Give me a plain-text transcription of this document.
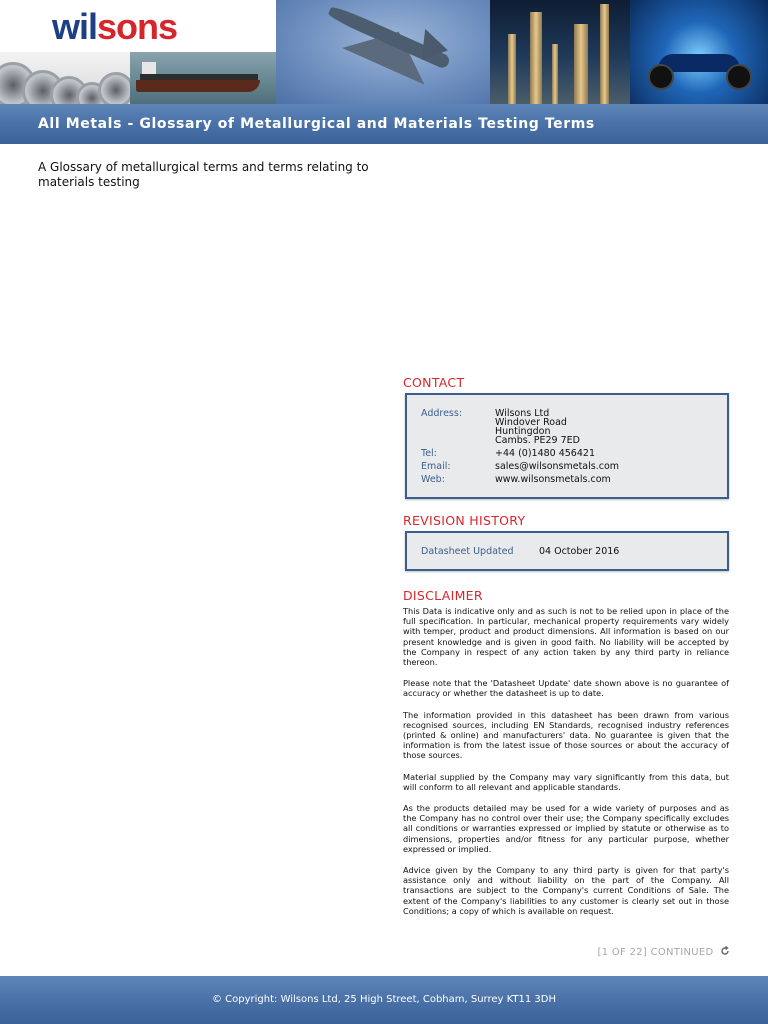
wilsons
All Metals - Glossary of Metallurgical and Materials Testing Terms
A Glossary of metallurgical terms and terms relating to materials testing
CONTACT
Address:	Wilsons Ltd
Windover Road
Huntingdon
Cambs. PE29 7ED
Tel:	+44 (0)1480 456421
Email:	sales@wilsonsmetals.com
Web:	www.wilsonsmetals.com
REVISION HISTORY
Datasheet Updated	04 October 2016
DISCLAIMER

This Data is indicative only and as such is not to be relied upon in place of the full specification. In particular, mechanical property requirements vary widely with temper, product and product dimensions. All information is based on our present knowledge and is given in good faith. No liability will be accepted by the Company in respect of any action taken by any third party in reliance thereon.

Please note that the 'Datasheet Update' date shown above is no guarantee of accuracy or whether the datasheet is up to date.

The information provided in this datasheet has been drawn from various recognised sources, including EN Standards, recognised industry references (printed & online) and manufacturers' data. No guarantee is given that the information is from the latest issue of those sources or about the accuracy of those sources.

Material supplied by the Company may vary significantly from this data, but will conform to all relevant and applicable standards.

As the products detailed may be used for a wide variety of purposes and as the Company has no control over their use; the Company specifically excludes all conditions or warranties expressed or implied by statute or otherwise as to dimensions, properties and/or fitness for any particular purpose, whether expressed or implied.

Advice given by the Company to any third party is given for that party's assistance only and without liability on the part of the Company. All transactions are subject to the Company's current Conditions of Sale. The extent of the Company's liabilities to any customer is clearly set out in those Conditions; a copy of which is available on request.

[1 OF 22] CONTINUED
© Copyright: Wilsons Ltd, 25 High Street, Cobham, Surrey KT11 3DH
